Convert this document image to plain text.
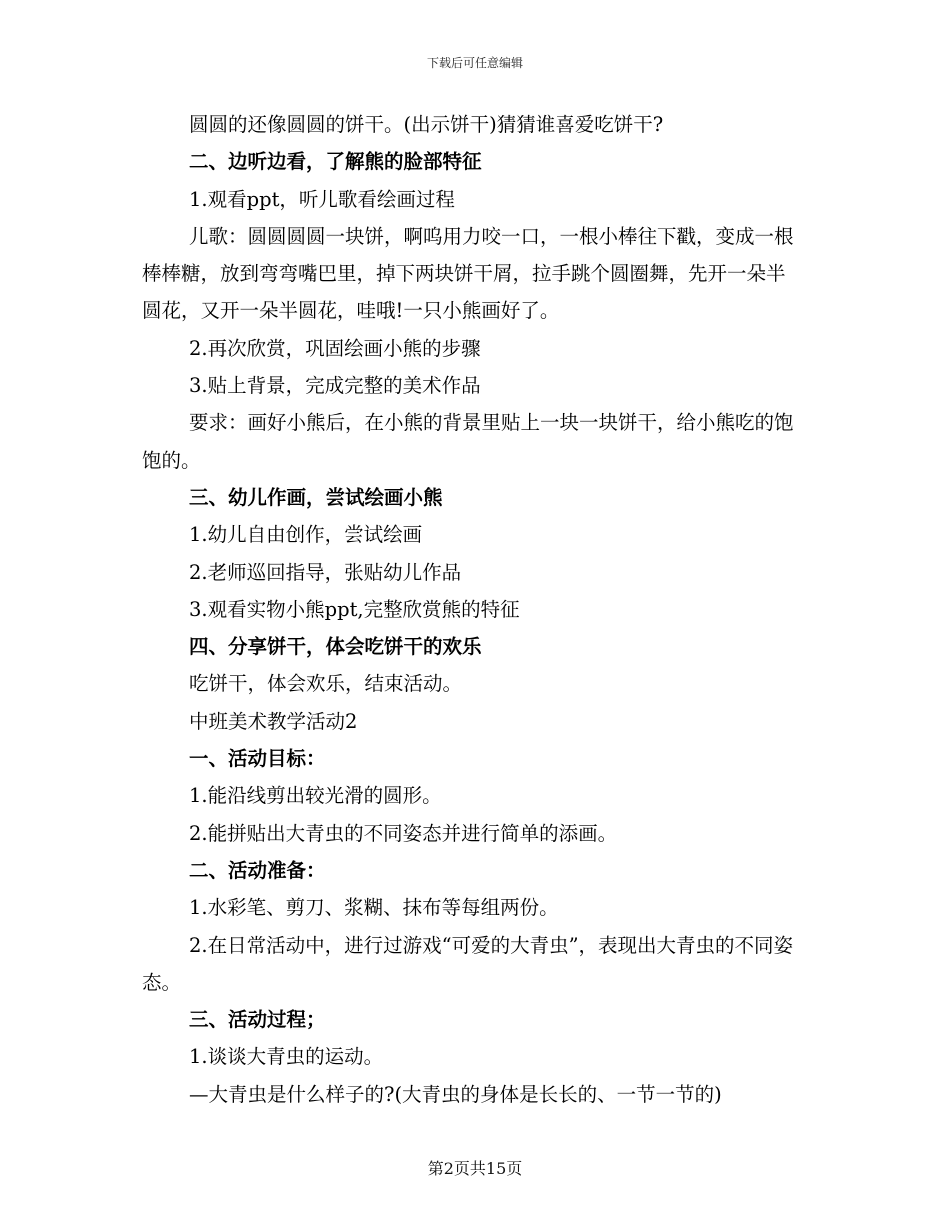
下载后可任意编辑

圆圆的还像圆圆的饼干。(出示饼干)猜猜谁喜爱吃饼干?

二、边听边看，了解熊的脸部特征

1.观看ppt，听儿歌看绘画过程

儿歌：圆圆圆圆一块饼，啊呜用力咬一口，一根小棒往下戳，变成一根棒棒糖，放到弯弯嘴巴里，掉下两块饼干屑，拉手跳个圆圈舞，先开一朵半圆花，又开一朵半圆花，哇哦!一只小熊画好了。

2.再次欣赏，巩固绘画小熊的步骤

3.贴上背景，完成完整的美术作品

要求：画好小熊后，在小熊的背景里贴上一块一块饼干，给小熊吃的饱饱的。

三、幼儿作画，尝试绘画小熊

1.幼儿自由创作，尝试绘画

2.老师巡回指导，张贴幼儿作品

3.观看实物小熊ppt,完整欣赏熊的特征

四、分享饼干，体会吃饼干的欢乐

吃饼干，体会欢乐，结束活动。

中班美术教学活动2

一、活动目标：

1.能沿线剪出较光滑的圆形。

2.能拼贴出大青虫的不同姿态并进行简单的添画。

二、活动准备：

1.水彩笔、剪刀、浆糊、抹布等每组两份。

2.在日常活动中，进行过游戏“可爱的大青虫”，表现出大青虫的不同姿态。

三、活动过程；

1.谈谈大青虫的运动。

—大青虫是什么样子的?(大青虫的身体是长长的、一节一节的)

第2页共15页
